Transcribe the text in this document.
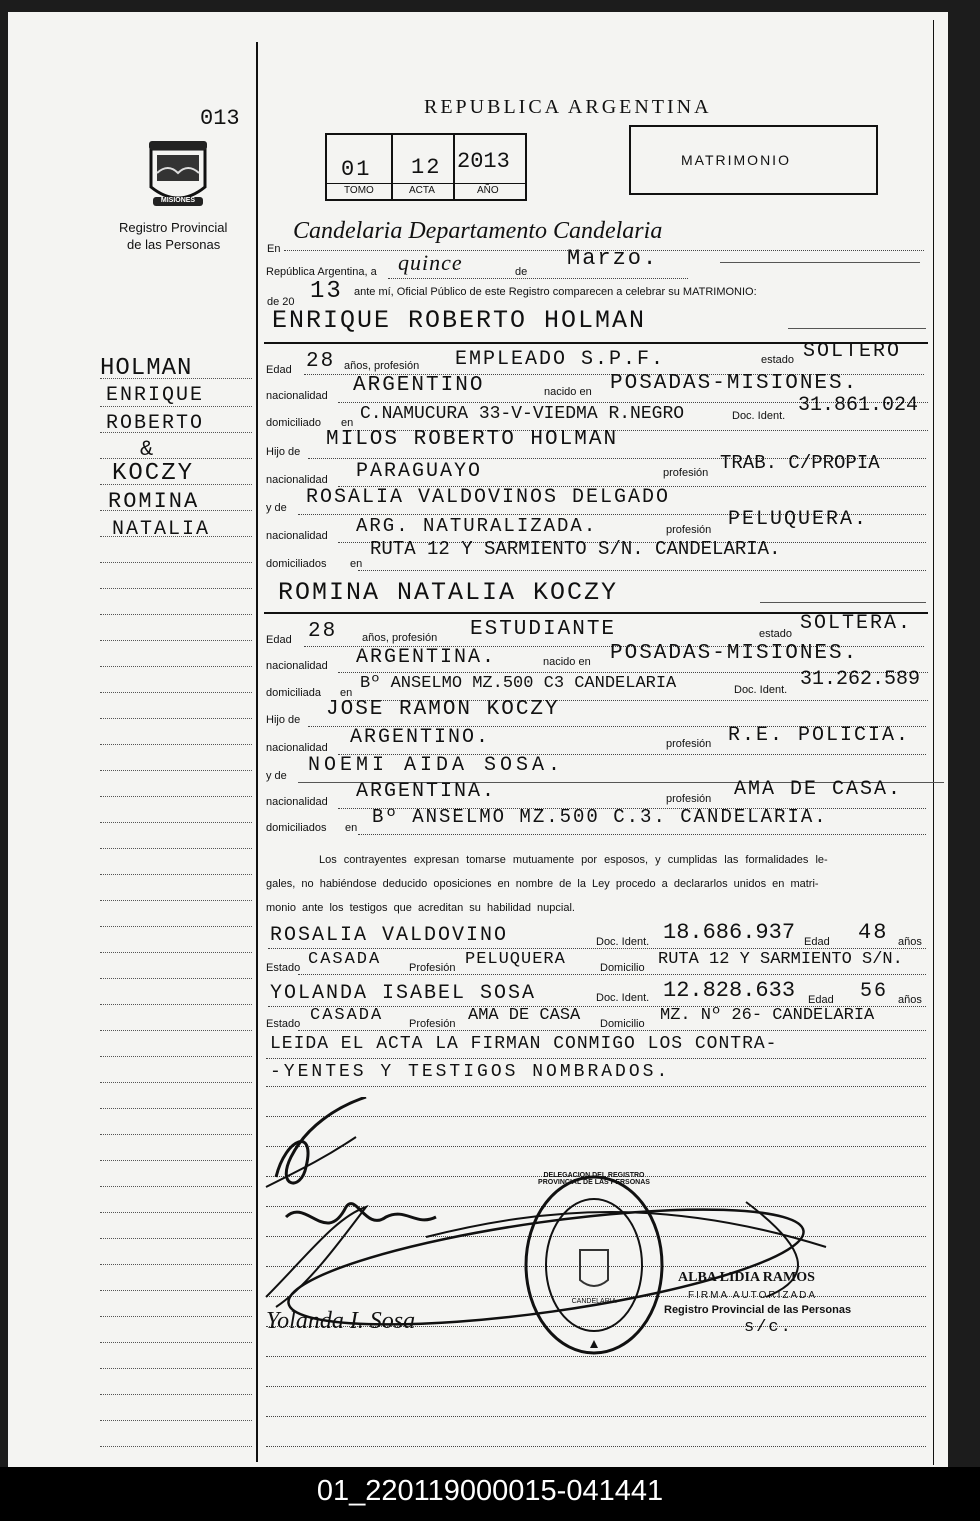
013
MISIONES
Registro Provincial
de las Personas
REPUBLICA ARGENTINA
01 12 2013
TOMO	ACTA	AÑO
MATRIMONIO
En
Candelaria Departamento Candelaria
República Argentina, a quince	de
Marzo.
de 20 13 ante mí, Oficial Público de este Registro comparecen a celebrar su MATRIMONIO:
ENRIQUE ROBERTO HOLMAN
Edad 28 años, profesión EMPLEADO S.P.F.	estado SOLTERO
nacionalidad ARGENTINO	nacido en POSADAS-MISIONES.
domiciliado en C.NAMUCURA 33-V-VIEDMA R.NEGRO	Doc. Ident. 31.861.024
Hijo de
MILOS ROBERTO HOLMAN
nacionalidad PARAGUAYO	profesión TRAB. C/PROPIA
y de ROSALIA VALDOVINOS DELGADO
nacionalidad ARG. NATURALIZADA.	profesión PELUQUERA.
domiciliados en
RUTA 12 Y SARMIENTO S/N. CANDELARIA.
ROMINA NATALIA KOCZY
Edad 28 años, profesión ESTUDIANTE	estado SOLTERA.
nacionalidad ARGENTINA.	nacido en POSADAS-MISIONES.
domiciliada en Bº ANSELMO MZ.500 C3 CANDELARIA	Doc. Ident. 31.262.589
Hijo de JOSE RAMON KOCZY
nacionalidad ARGENTINO.	profesión R.E. POLICIA.
y de NOEMI AIDA SOSA.
nacionalidad ARGENTINA.	profesión AMA DE CASA.
domiciliados en Bº ANSELMO MZ.500 C.3. CANDELARIA.
Los contrayentes expresan tomarse mutuamente por esposos, y cumplidas las formalidades le-
gales, no habiéndose deducido oposiciones en nombre de la Ley procedo a declararlos unidos en matri-
monio ante los testigos que acreditan su habilidad nupcial.
ROSALIA VALDOVINO	Doc. Ident. 18.686.937 Edad 48 años
Estado CASADA	Profesión PELUQUERA	Domicilio RUTA 12 Y SARMIENTO S/N.
YOLANDA ISABEL SOSA	Doc. Ident. 12.828.633 Edad 56 años
Estado CASADA Profesión AMA DE CASA Domicilio MZ. Nº 26- CANDELARIA
LEIDA EL ACTA LA FIRMAN CONMIGO LOS CONTRA-
-YENTES Y TESTIGOS NOMBRADOS.
Yolanda I. Sosa
DELEGACION DEL REGISTRO PROVINCIAL DE LAS PERSONAS
CANDELARIA
ALBA LIDIA RAMOS
FIRMA AUTORIZADA
Registro Provincial de las Personas
s/c.
HOLMAN
ENRIQUE
ROBERTO
&
KOCZY
ROMINA
NATALIA
01_220119000015-041441
